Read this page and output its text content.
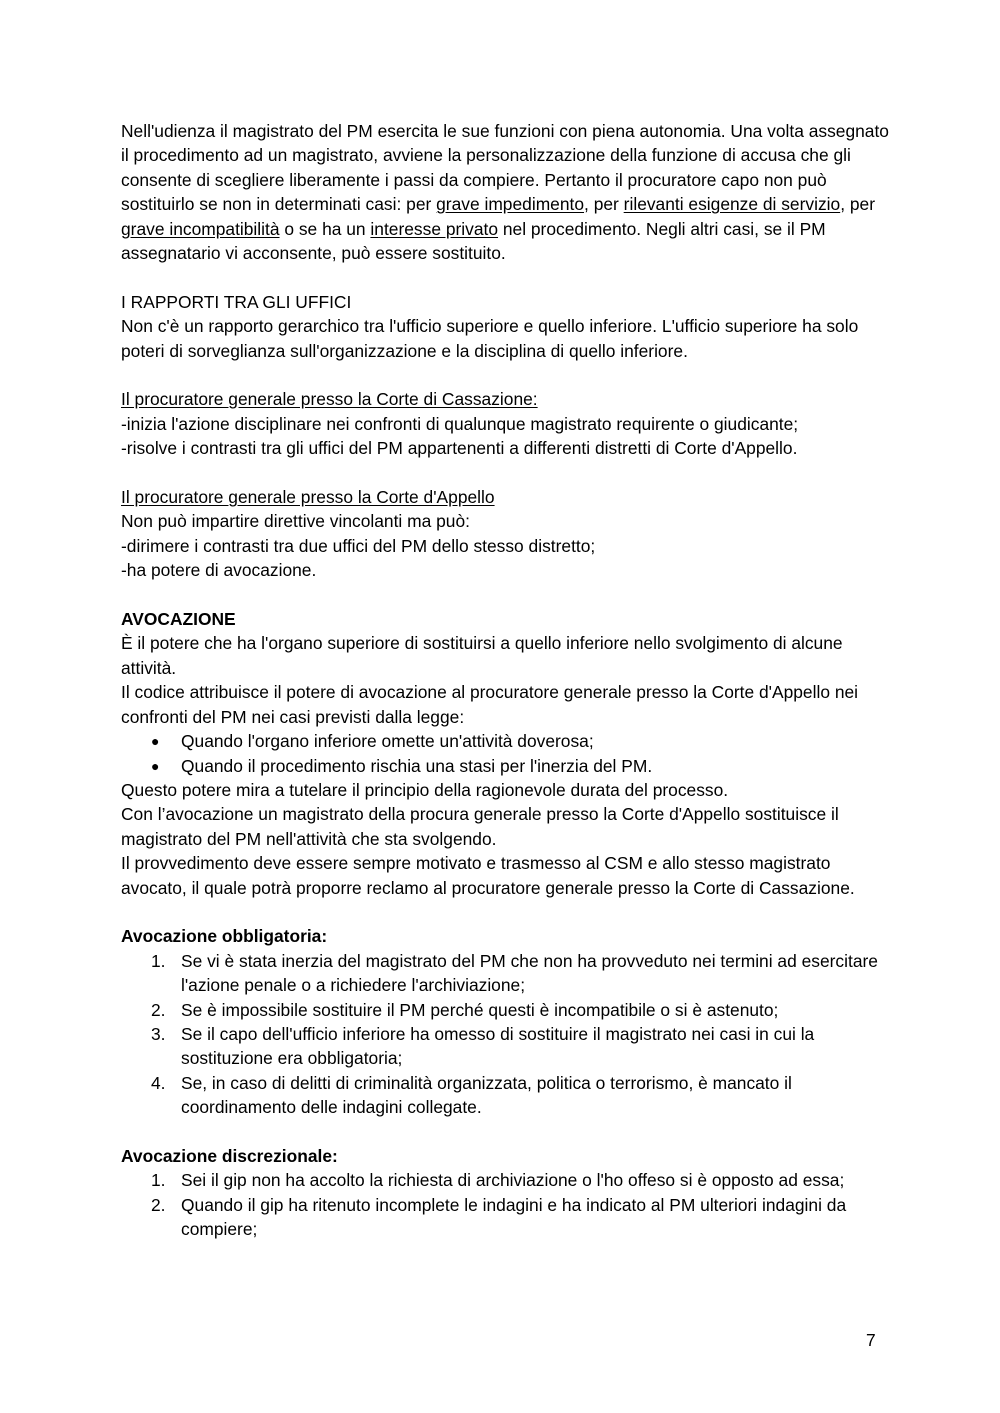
Nell'udienza il magistrato del PM esercita le sue funzioni con piena autonomia. Una volta assegnato il procedimento ad un magistrato, avviene la personalizzazione della funzione di accusa che gli consente di scegliere liberamente i passi da compiere. Pertanto il procuratore capo non può sostituirlo se non in determinati casi: per grave impedimento, per rilevanti esigenze di servizio, per grave incompatibilità o se ha un interesse privato nel procedimento. Negli altri casi, se il PM assegnatario vi acconsente, può essere sostituito.

I RAPPORTI TRA GLI UFFICI

Non c'è un rapporto gerarchico tra l'ufficio superiore e quello inferiore. L'ufficio superiore ha solo poteri di sorveglianza sull'organizzazione e la disciplina di quello inferiore.

Il procuratore generale presso la Corte di Cassazione:

-inizia l'azione disciplinare nei confronti di qualunque magistrato requirente o giudicante;

-risolve i contrasti tra gli uffici del PM appartenenti a differenti distretti di Corte d'Appello.

Il procuratore generale presso la Corte d'Appello

Non può impartire direttive vincolanti ma può:

-dirimere i contrasti tra due uffici del PM dello stesso distretto;

-ha potere di avocazione.

AVOCAZIONE

È il potere che ha l'organo superiore di sostituirsi a quello inferiore nello svolgimento di alcune attività.

Il codice attribuisce il potere di avocazione al procuratore generale presso la Corte d'Appello nei confronti del PM nei casi previsti dalla legge:

● Quando l'organo inferiore omette un'attività doverosa;
● Quando il procedimento rischia una stasi per l'inerzia del PM.

Questo potere mira a tutelare il principio della ragionevole durata del processo.

Con l’avocazione un magistrato della procura generale presso la Corte d'Appello sostituisce il magistrato del PM nell'attività che sta svolgendo.

Il provvedimento deve essere sempre motivato e trasmesso al CSM e allo stesso magistrato avocato, il quale potrà proporre reclamo al procuratore generale presso la Corte di Cassazione.

Avocazione obbligatoria:

1. Se vi è stata inerzia del magistrato del PM che non ha provveduto nei termini ad esercitare l'azione penale o a richiedere l'archiviazione;
2. Se è impossibile sostituire il PM perché questi è incompatibile o si è astenuto;
3. Se il capo dell'ufficio inferiore ha omesso di sostituire il magistrato nei casi in cui la sostituzione era obbligatoria;
4. Se, in caso di delitti di criminalità organizzata, politica o terrorismo, è mancato il coordinamento delle indagini collegate.

Avocazione discrezionale:

1. Sei il gip non ha accolto la richiesta di archiviazione o l'ho offeso si è opposto ad essa;
2. Quando il gip ha ritenuto incomplete le indagini e ha indicato al PM ulteriori indagini da compiere;
7
